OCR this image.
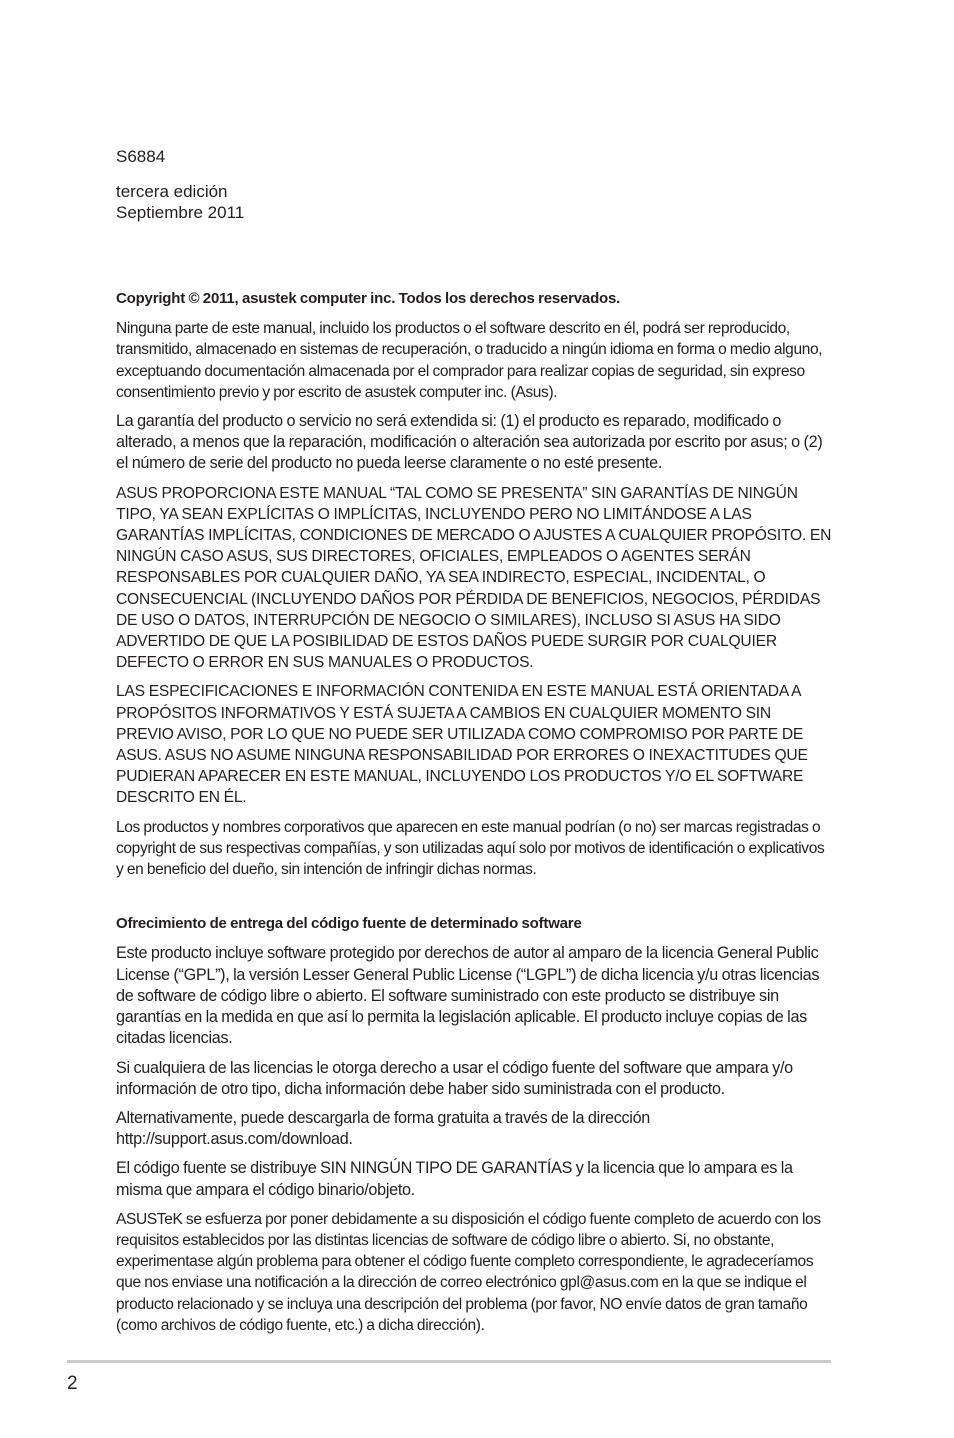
S6884
tercera edición
Septiembre 2011

Copyright © 2011, asustek computer inc. Todos los derechos reservados.

Ninguna parte de este manual, incluido los productos o el software descrito en él, podrá ser reproducido, transmitido, almacenado en sistemas de recuperación, o traducido a ningún idioma en forma o medio alguno, exceptuando documentación almacenada por el comprador para realizar copias de seguridad, sin expreso consentimiento previo y por escrito de asustek computer inc. (Asus).

La garantía del producto o servicio no será extendida si: (1) el producto es reparado, modificado o alterado, a menos que la reparación, modificación o alteración sea autorizada por escrito por asus; o (2) el número de serie del producto no pueda leerse claramente o no esté presente.

ASUS PROPORCIONA ESTE MANUAL “TAL COMO SE PRESENTA” SIN GARANTÍAS DE NINGÚN TIPO, YA SEAN EXPLÍCITAS O IMPLÍCITAS, INCLUYENDO PERO NO LIMITÁNDOSE A LAS GARANTÍAS IMPLÍCITAS, CONDICIONES DE MERCADO O AJUSTES A CUALQUIER PROPÓSITO. EN NINGÚN CASO ASUS, SUS DIRECTORES, OFICIALES, EMPLEADOS O AGENTES SERÁN RESPONSABLES POR CUALQUIER DAÑO, YA SEA INDIRECTO, ESPECIAL, INCIDENTAL, O CONSECUENCIAL (INCLUYENDO DAÑOS POR PÉRDIDA DE BENEFICIOS, NEGOCIOS, PÉRDIDAS DE USO O DATOS, INTERRUPCIÓN DE NEGOCIO O SIMILARES), INCLUSO SI ASUS HA SIDO ADVERTIDO DE QUE LA POSIBILIDAD DE ESTOS DAÑOS PUEDE SURGIR POR CUALQUIER DEFECTO O ERROR EN SUS MANUALES O PRODUCTOS.

LAS ESPECIFICACIONES E INFORMACIÓN CONTENIDA EN ESTE MANUAL ESTÁ ORIENTADA A PROPÓSITOS INFORMATIVOS Y ESTÁ SUJETA A CAMBIOS EN CUALQUIER MOMENTO SIN PREVIO AVISO, POR LO QUE NO PUEDE SER UTILIZADA COMO COMPROMISO POR PARTE DE ASUS. ASUS NO ASUME NINGUNA RESPONSABILIDAD POR ERRORES O INEXACTITUDES QUE PUDIERAN APARECER EN ESTE MANUAL, INCLUYENDO LOS PRODUCTOS Y/O EL SOFTWARE DESCRITO EN ÉL.

Los productos y nombres corporativos que aparecen en este manual podrían (o no) ser marcas registradas o copyright de sus respectivas compañías, y son utilizadas aquí solo por motivos de identificación o explicativos y en beneficio del dueño, sin intención de infringir dichas normas.

Ofrecimiento de entrega del código fuente de determinado software

Este producto incluye software protegido por derechos de autor al amparo de la licencia General Public License (“GPL”), la versión Lesser General Public License (“LGPL”) de dicha licencia y/u otras licencias de software de código libre o abierto. El software suministrado con este producto se distribuye sin garantías en la medida en que así lo permita la legislación aplicable. El producto incluye copias de las citadas licencias.

Si cualquiera de las licencias le otorga derecho a usar el código fuente del software que ampara y/o información de otro tipo, dicha información debe haber sido suministrada con el producto.

Alternativamente, puede descargarla de forma gratuita a través de la dirección http://support.asus.com/download.

El código fuente se distribuye SIN NINGÚN TIPO DE GARANTÍAS y la licencia que lo ampara es la misma que ampara el código binario/objeto.

ASUSTeK se esfuerza por poner debidamente a su disposición el código fuente completo de acuerdo con los requisitos establecidos por las distintas licencias de software de código libre o abierto. Si, no obstante, experimentase algún problema para obtener el código fuente completo correspondiente, le agradeceríamos que nos enviase una notificación a la dirección de correo electrónico gpl@asus.com en la que se indique el producto relacionado y se incluya una descripción del problema (por favor, NO envíe datos de gran tamaño (como archivos de código fuente, etc.) a dicha dirección).

2
